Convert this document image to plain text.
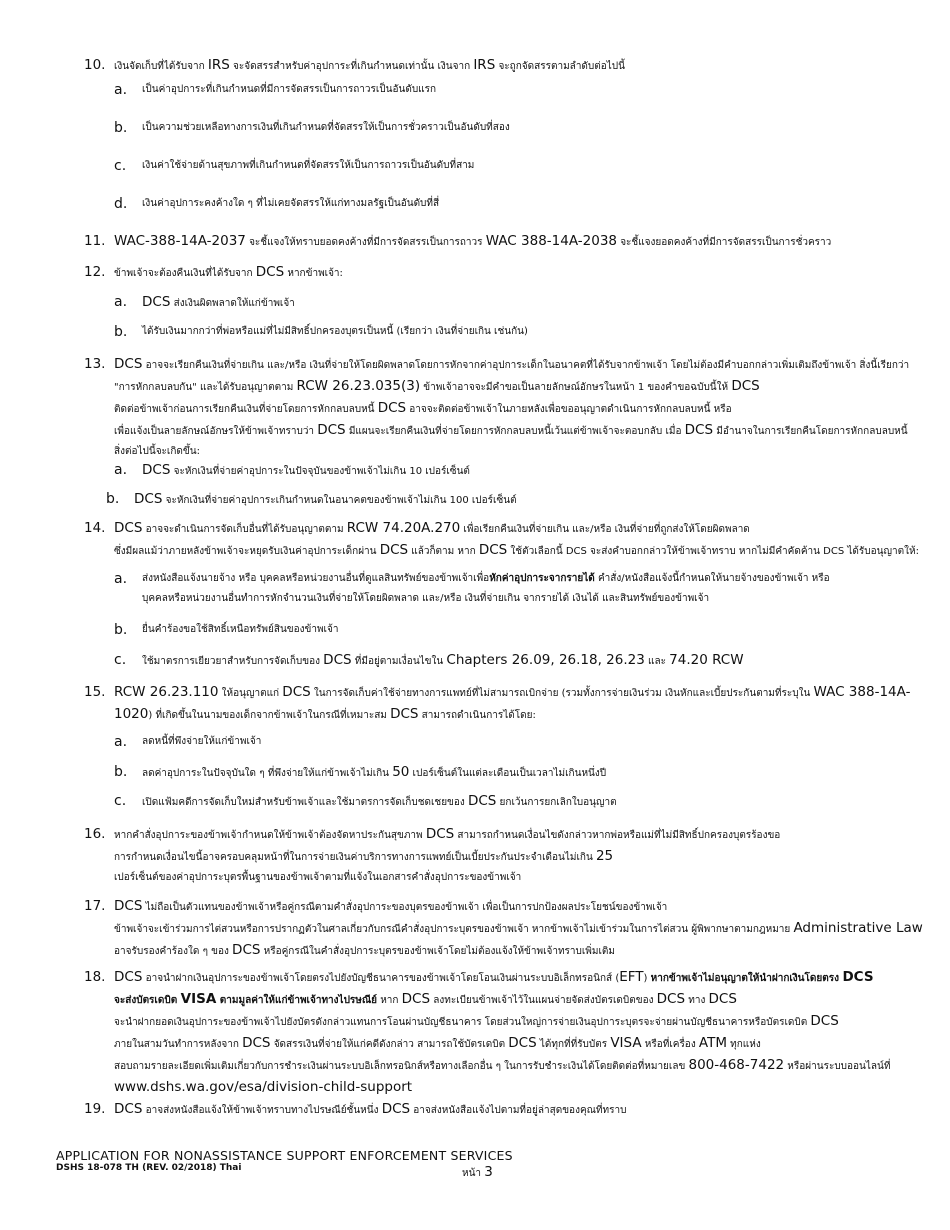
10. เงินจัดเก็บที่ได้รับจาก IRS จะจัดสรรสำหรับค่าอุปการะที่เกินกำหนดเท่านั้น เงินจาก IRS จะถูกจัดสรรตามลำดับต่อไปนี้
11. WAC-388-14A-2037 จะชี้แจงให้ทราบยอดคงค้างที่มีการจัดสรรเป็นการถาวร WAC 388-14A-2038 จะชี้แจงยอดคงค้างที่มีการจัดสรรเป็นการชั่วคราว
12. ข้าพเจ้าจะต้องคืนเงินที่ได้รับจาก DCS หากข้าพเจ้า:
13. DCS อาจจะเรียกคืนเงินที่จ่ายเกิน และ/หรือ เงินที่จ่ายให้โดยผิดพลาดโดยการหักจากค่าอุปการะเด็กในอนาคตที่ได้รับจากข้าพเจ้า โดยไม่ต้องมีคำบอกกล่าวเพิ่มเติมถึงข้าพเจ้า สิ่งนี้เรียกว่า
"การหักกลบลบกัน" และได้รับอนุญาตตาม RCW 26.23.035(3) ข้าพเจ้าอาจจะมีคำขอเป็นลายลักษณ์อักษรในหน้า 1 ของคำขอฉบับนี้ให้ DCS
ติดต่อข้าพเจ้าก่อนการเรียกคืนเงินที่จ่ายโดยการหักกลบลบหนี้ DCS อาจจะติดต่อข้าพเจ้าในภายหลังเพื่อขออนุญาตดำเนินการหักกลบลบหนี้ หรือ
เพื่อแจ้งเป็นลายลักษณ์อักษรให้ข้าพเจ้าทราบว่า DCS มีแผนจะเรียกคืนเงินที่จ่ายโดยการหักกลบลบหนี้เว้นแต่ข้าพเจ้าจะตอบกลับ เมื่อ DCS มีอำนาจในการเรียกคืนโดยการหักกลบลบหนี้
สิ่งต่อไปนี้จะเกิดขึ้น:
14. DCS อาจจะดำเนินการจัดเก็บอื่นที่ได้รับอนุญาตตาม RCW 74.20A.270 เพื่อเรียกคืนเงินที่จ่ายเกิน และ/หรือ เงินที่จ่ายที่ถูกส่งให้โดยผิดพลาด
ซึ่งมีผลแม้ว่าภายหลังข้าพเจ้าจะหยุดรับเงินค่าอุปการะเด็กผ่าน DCS แล้วก็ตาม หาก DCS ใช้ตัวเลือกนี้ DCS จะส่งคำบอกกล่าวให้ข้าพเจ้าทราบ หากไม่มีคำคัดค้าน DCS ได้รับอนุญาตให้:
15. RCW 26.23.110 ให้อนุญาตแก่ DCS ในการจัดเก็บค่าใช้จ่ายทางการแพทย์ที่ไม่สามารถเบิกจ่าย (รวมทั้งการจ่ายเงินร่วม เงินหักและเบี้ยประกันตามที่ระบุใน WAC 388-14A-
1020) ที่เกิดขึ้นในนามของเด็กจากข้าพเจ้าในกรณีที่เหมาะสม DCS สามารถดำเนินการได้โดย:
16. หากคำสั่งอุปการะของข้าพเจ้ากำหนดให้ข้าพเจ้าต้องจัดหาประกันสุขภาพ DCS สามารถกำหนดเงื่อนไขดังกล่าวหากพ่อหรือแม่ที่ไม่มีสิทธิ์ปกครองบุตรร้องขอ
การกำหนดเงื่อนไขนี้อาจครอบคลุมหน้าที่ในการจ่ายเงินค่าบริการทางการแพทย์เป็นเบี้ยประกันประจำเดือนไม่เกิน 25
เปอร์เซ็นต์ของค่าอุปการะบุตรพื้นฐานของข้าพเจ้าตามที่แจ้งในเอกสารคำสั่งอุปการะของข้าพเจ้า
17. DCS ไม่ถือเป็นตัวแทนของข้าพเจ้าหรือคู่กรณีตามคำสั่งอุปการะของบุตรของข้าพเจ้า เพื่อเป็นการปกป้องผลประโยชน์ของข้าพเจ้า
ข้าพเจ้าจะเข้าร่วมการไต่สวนหรือการปรากฏตัวในศาลเกี่ยวกับกรณีคำสั่งอุปการะบุตรของข้าพเจ้า หากข้าพเจ้าไม่เข้าร่วมในการไต่สวน ผู้พิพากษาตามกฎหมาย Administrative Law
อาจรับรองคำร้องใด ๆ ของ DCS หรือคู่กรณีในคำสั่งอุปการะบุตรของข้าพเจ้าโดยไม่ต้องแจ้งให้ข้าพเจ้าทราบเพิ่มเติม
18. DCS อาจนำฝากเงินอุปการะของข้าพเจ้าโดยตรงไปยังบัญชีธนาคารของข้าพเจ้าโดยโอนเงินผ่านระบบอิเล็กทรอนิกส์ (EFT) หากข้าพเจ้าไม่อนุญาตให้นำฝากเงินโดยตรง DCS
จะส่งบัตรเดบิต VISA ตามมูลค่าให้แก่ข้าพเจ้าทางไปรษณีย์ หาก DCS ลงทะเบียนข้าพเจ้าไว้ในแผนจ่ายจัดส่งบัตรเดบิตของ DCS ทาง DCS
จะนำฝากยอดเงินอุปการะของข้าพเจ้าไปยังบัตรดังกล่าวแทนการโอนผ่านบัญชีธนาคาร โดยส่วนใหญ่การจ่ายเงินอุปการะบุตรจะจ่ายผ่านบัญชีธนาคารหรือบัตรเดบิต DCS
ภายในสามวันทำการหลังจาก DCS จัดสรรเงินที่จ่ายให้แก่คดีดังกล่าว สามารถใช้บัตรเดบิต DCS ได้ทุกที่ที่รับบัตร VISA หรือที่เครื่อง ATM ทุกแห่ง
สอบถามรายละเอียดเพิ่มเติมเกี่ยวกับการชำระเงินผ่านระบบอิเล็กทรอนิกส์หรือทางเลือกอื่น ๆ ในการรับชำระเงินได้โดยติดต่อที่หมายเลข 800-468-7422 หรือผ่านระบบออนไลน์ที่
www.dshs.wa.gov/esa/division-child-support
19. DCS อาจส่งหนังสือแจ้งให้ข้าพเจ้าทราบทางไปรษณีย์ชั้นหนึ่ง DCS อาจส่งหนังสือแจ้งไปตามที่อยู่ล่าสุดของคุณที่ทราบ
a. เป็นค่าอุปการะที่เกินกำหนดที่มีการจัดสรรเป็นการถาวรเป็นอันดับแรก
b. เป็นความช่วยเหลือทางการเงินที่เกินกำหนดที่จัดสรรให้เป็นการชั่วคราวเป็นอันดับที่สอง
c. เงินค่าใช้จ่ายด้านสุขภาพที่เกินกำหนดที่จัดสรรให้เป็นการถาวรเป็นอันดับที่สาม
d. เงินค่าอุปการะคงค้างใด ๆ ที่ไม่เคยจัดสรรให้แก่ทางมลรัฐเป็นอันดับที่สี่
a. DCS ส่งเงินผิดพลาดให้แก่ข้าพเจ้า
b. ได้รับเงินมากกว่าที่พ่อหรือแม่ที่ไม่มีสิทธิ์ปกครองบุตรเป็นหนี้ (เรียกว่า เงินที่จ่ายเกิน เช่นกัน)
a. DCS จะหักเงินที่จ่ายค่าอุปการะในปัจจุบันของข้าพเจ้าไม่เกิน 10 เปอร์เซ็นต์
b. DCS จะหักเงินที่จ่ายค่าอุปการะเกินกำหนดในอนาคตของข้าพเจ้าไม่เกิน 100 เปอร์เซ็นต์
a. ส่งหนังสือแจ้งนายจ้าง หรือ บุคคลหรือหน่วยงานอื่นที่ดูแลสินทรัพย์ของข้าพเจ้าเพื่อหักค่าอุปการะจากรายได้ คำสั่ง/หนังสือแจ้งนี้กำหนดให้นายจ้างของข้าพเจ้า หรือ
บุคคลหรือหน่วยงานอื่นทำการหักจำนวนเงินที่จ่ายให้โดยผิดพลาด และ/หรือ เงินที่จ่ายเกิน จากรายได้ เงินได้ และสินทรัพย์ของข้าพเจ้า
b. ยื่นคำร้องขอใช้สิทธิ์เหนือทรัพย์สินของข้าพเจ้า
c. ใช้มาตรการเยียวยาสำหรับการจัดเก็บของ DCS ที่มีอยู่ตามเงื่อนไขใน Chapters 26.09, 26.18, 26.23 และ 74.20 RCW
a. ลดหนี้ที่พึงจ่ายให้แก่ข้าพเจ้า
b. ลดค่าอุปการะในปัจจุบันใด ๆ ที่พึงจ่ายให้แก่ข้าพเจ้าไม่เกิน 50 เปอร์เซ็นต์ในแต่ละเดือนเป็นเวลาไม่เกินหนึ่งปี
c. เปิดแฟ้มคดีการจัดเก็บใหม่สำหรับข้าพเจ้าและใช้มาตรการจัดเก็บชดเชยของ DCS ยกเว้นการยกเลิกใบอนุญาต
APPLICATION FOR NONASSISTANCE SUPPORT ENFORCEMENT SERVICES
DSHS 18-078 TH (REV. 02/2018) Thai	หน้า 3
